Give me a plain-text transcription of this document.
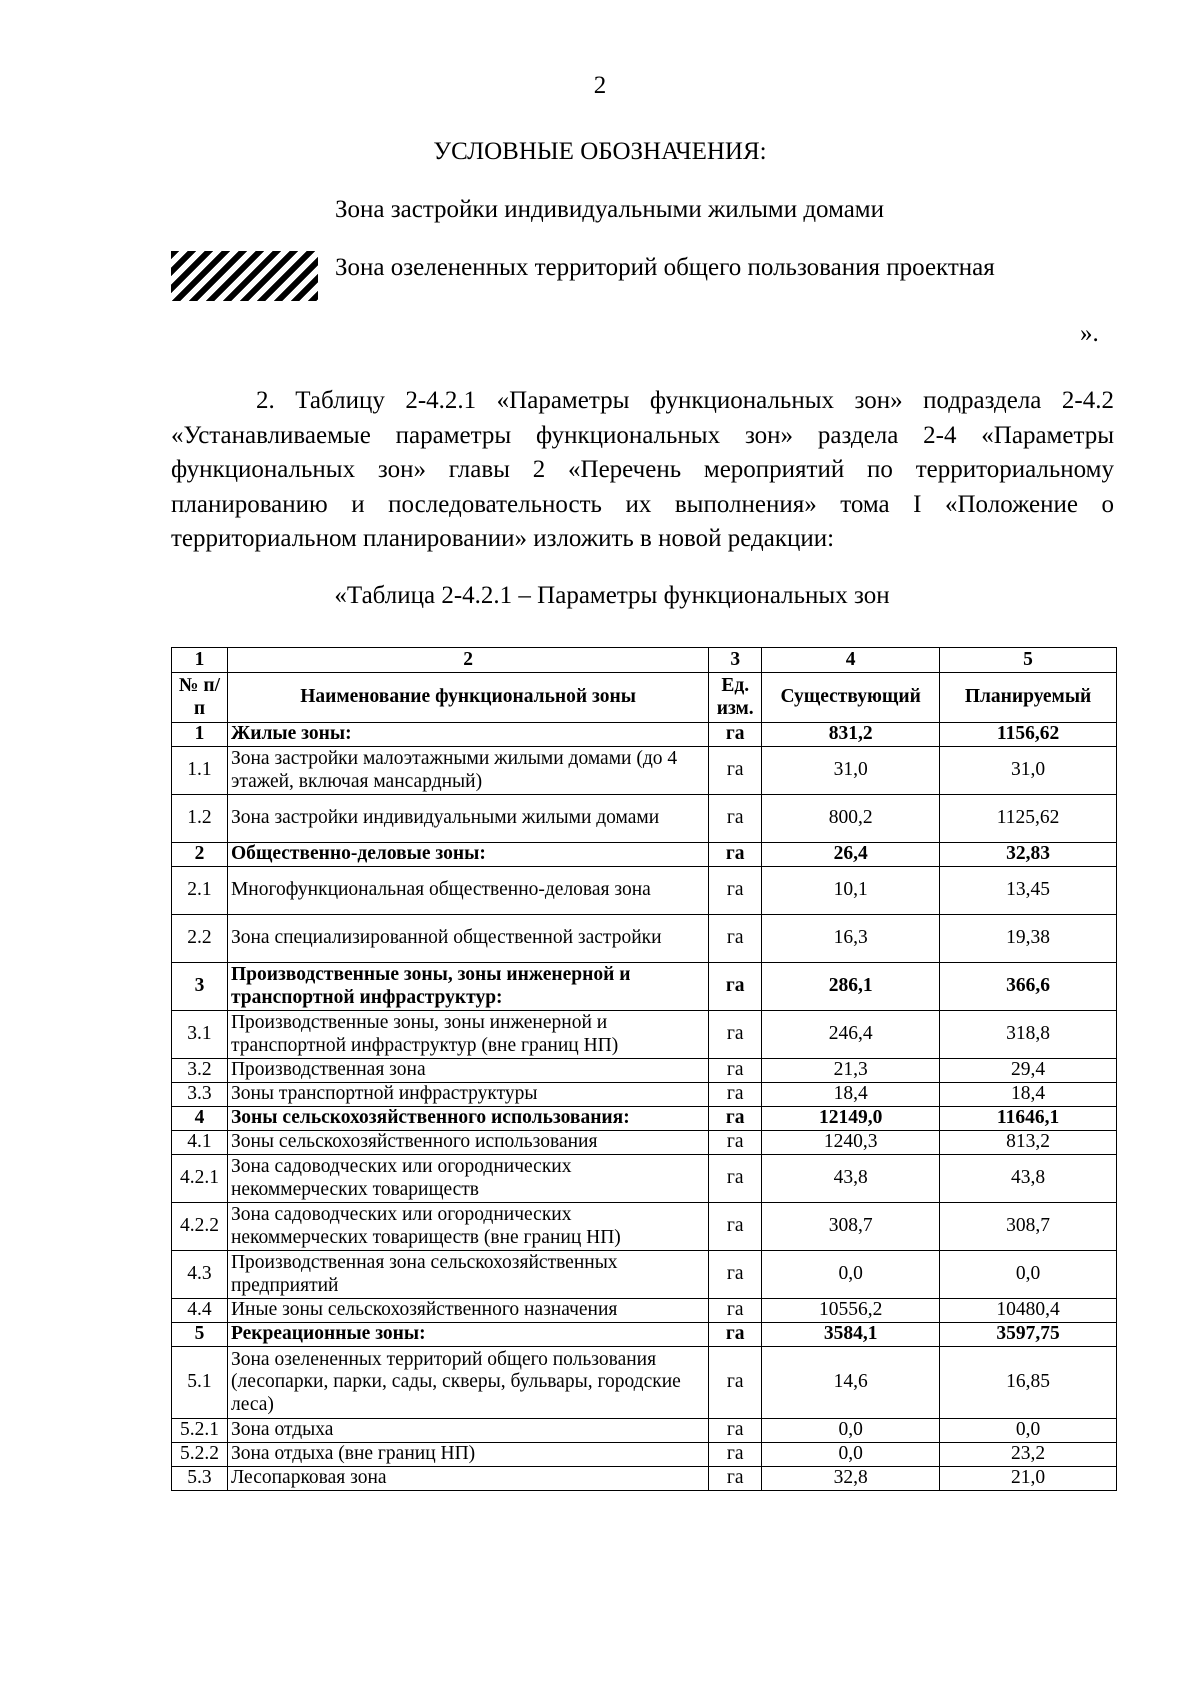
2
УСЛОВНЫЕ ОБОЗНАЧЕНИЯ:
Зона застройки индивидуальными жилыми домами
Зона озелененных территорий общего пользования проектная
».

2. Таблицу 2-4.2.1 «Параметры функциональных зон» подраздела 2-4.2 «Устанавливаемые параметры функциональных зон» раздела 2-4 «Параметры функциональных зон» главы 2 «Перечень мероприятий по территориальному планированию и последовательность их выполнения» тома I «Положение о территориальном планировании» изложить в новой редакции:

«Таблица 2-4.2.1 – Параметры функциональных зон
1	2	3	4	5
№ п/п	Наименование функциональной зоны	Ед. изм.	Существующий	Планируемый
1	Жилые зоны:	га	831,2	1156,62
1.1	Зона застройки малоэтажными жилыми домами (до 4 этажей, включая мансардный)	га	31,0	31,0
1.2	Зона застройки индивидуальными жилыми домами	га	800,2	1125,62
2	Общественно-деловые зоны:	га	26,4	32,83
2.1	Многофункциональная общественно-деловая зона	га	10,1	13,45
2.2	Зона специализированной общественной застройки	га	16,3	19,38
3	Производственные зоны, зоны инженерной и транспортной инфраструктур:	га	286,1	366,6
3.1	Производственные зоны, зоны инженерной и транспортной инфраструктур (вне границ НП)	га	246,4	318,8
3.2	Производственная зона	га	21,3	29,4
3.3	Зоны транспортной инфраструктуры	га	18,4	18,4
4	Зоны сельскохозяйственного использования:	га	12149,0	11646,1
4.1	Зоны сельскохозяйственного использования	га	1240,3	813,2
4.2.1	Зона садоводческих или огороднических некоммерческих товариществ	га	43,8	43,8
4.2.2	Зона садоводческих или огороднических некоммерческих товариществ (вне границ НП)	га	308,7	308,7
4.3	Производственная зона сельскохозяйственных предприятий	га	0,0	0,0
4.4	Иные зоны сельскохозяйственного назначения	га	10556,2	10480,4
5	Рекреационные зоны:	га	3584,1	3597,75
5.1	Зона озелененных территорий общего пользования (лесопарки, парки, сады, скверы, бульвары, городские леса)	га	14,6	16,85
5.2.1	Зона отдыха	га	0,0	0,0
5.2.2	Зона отдыха (вне границ НП)	га	0,0	23,2
5.3	Лесопарковая зона	га	32,8	21,0
